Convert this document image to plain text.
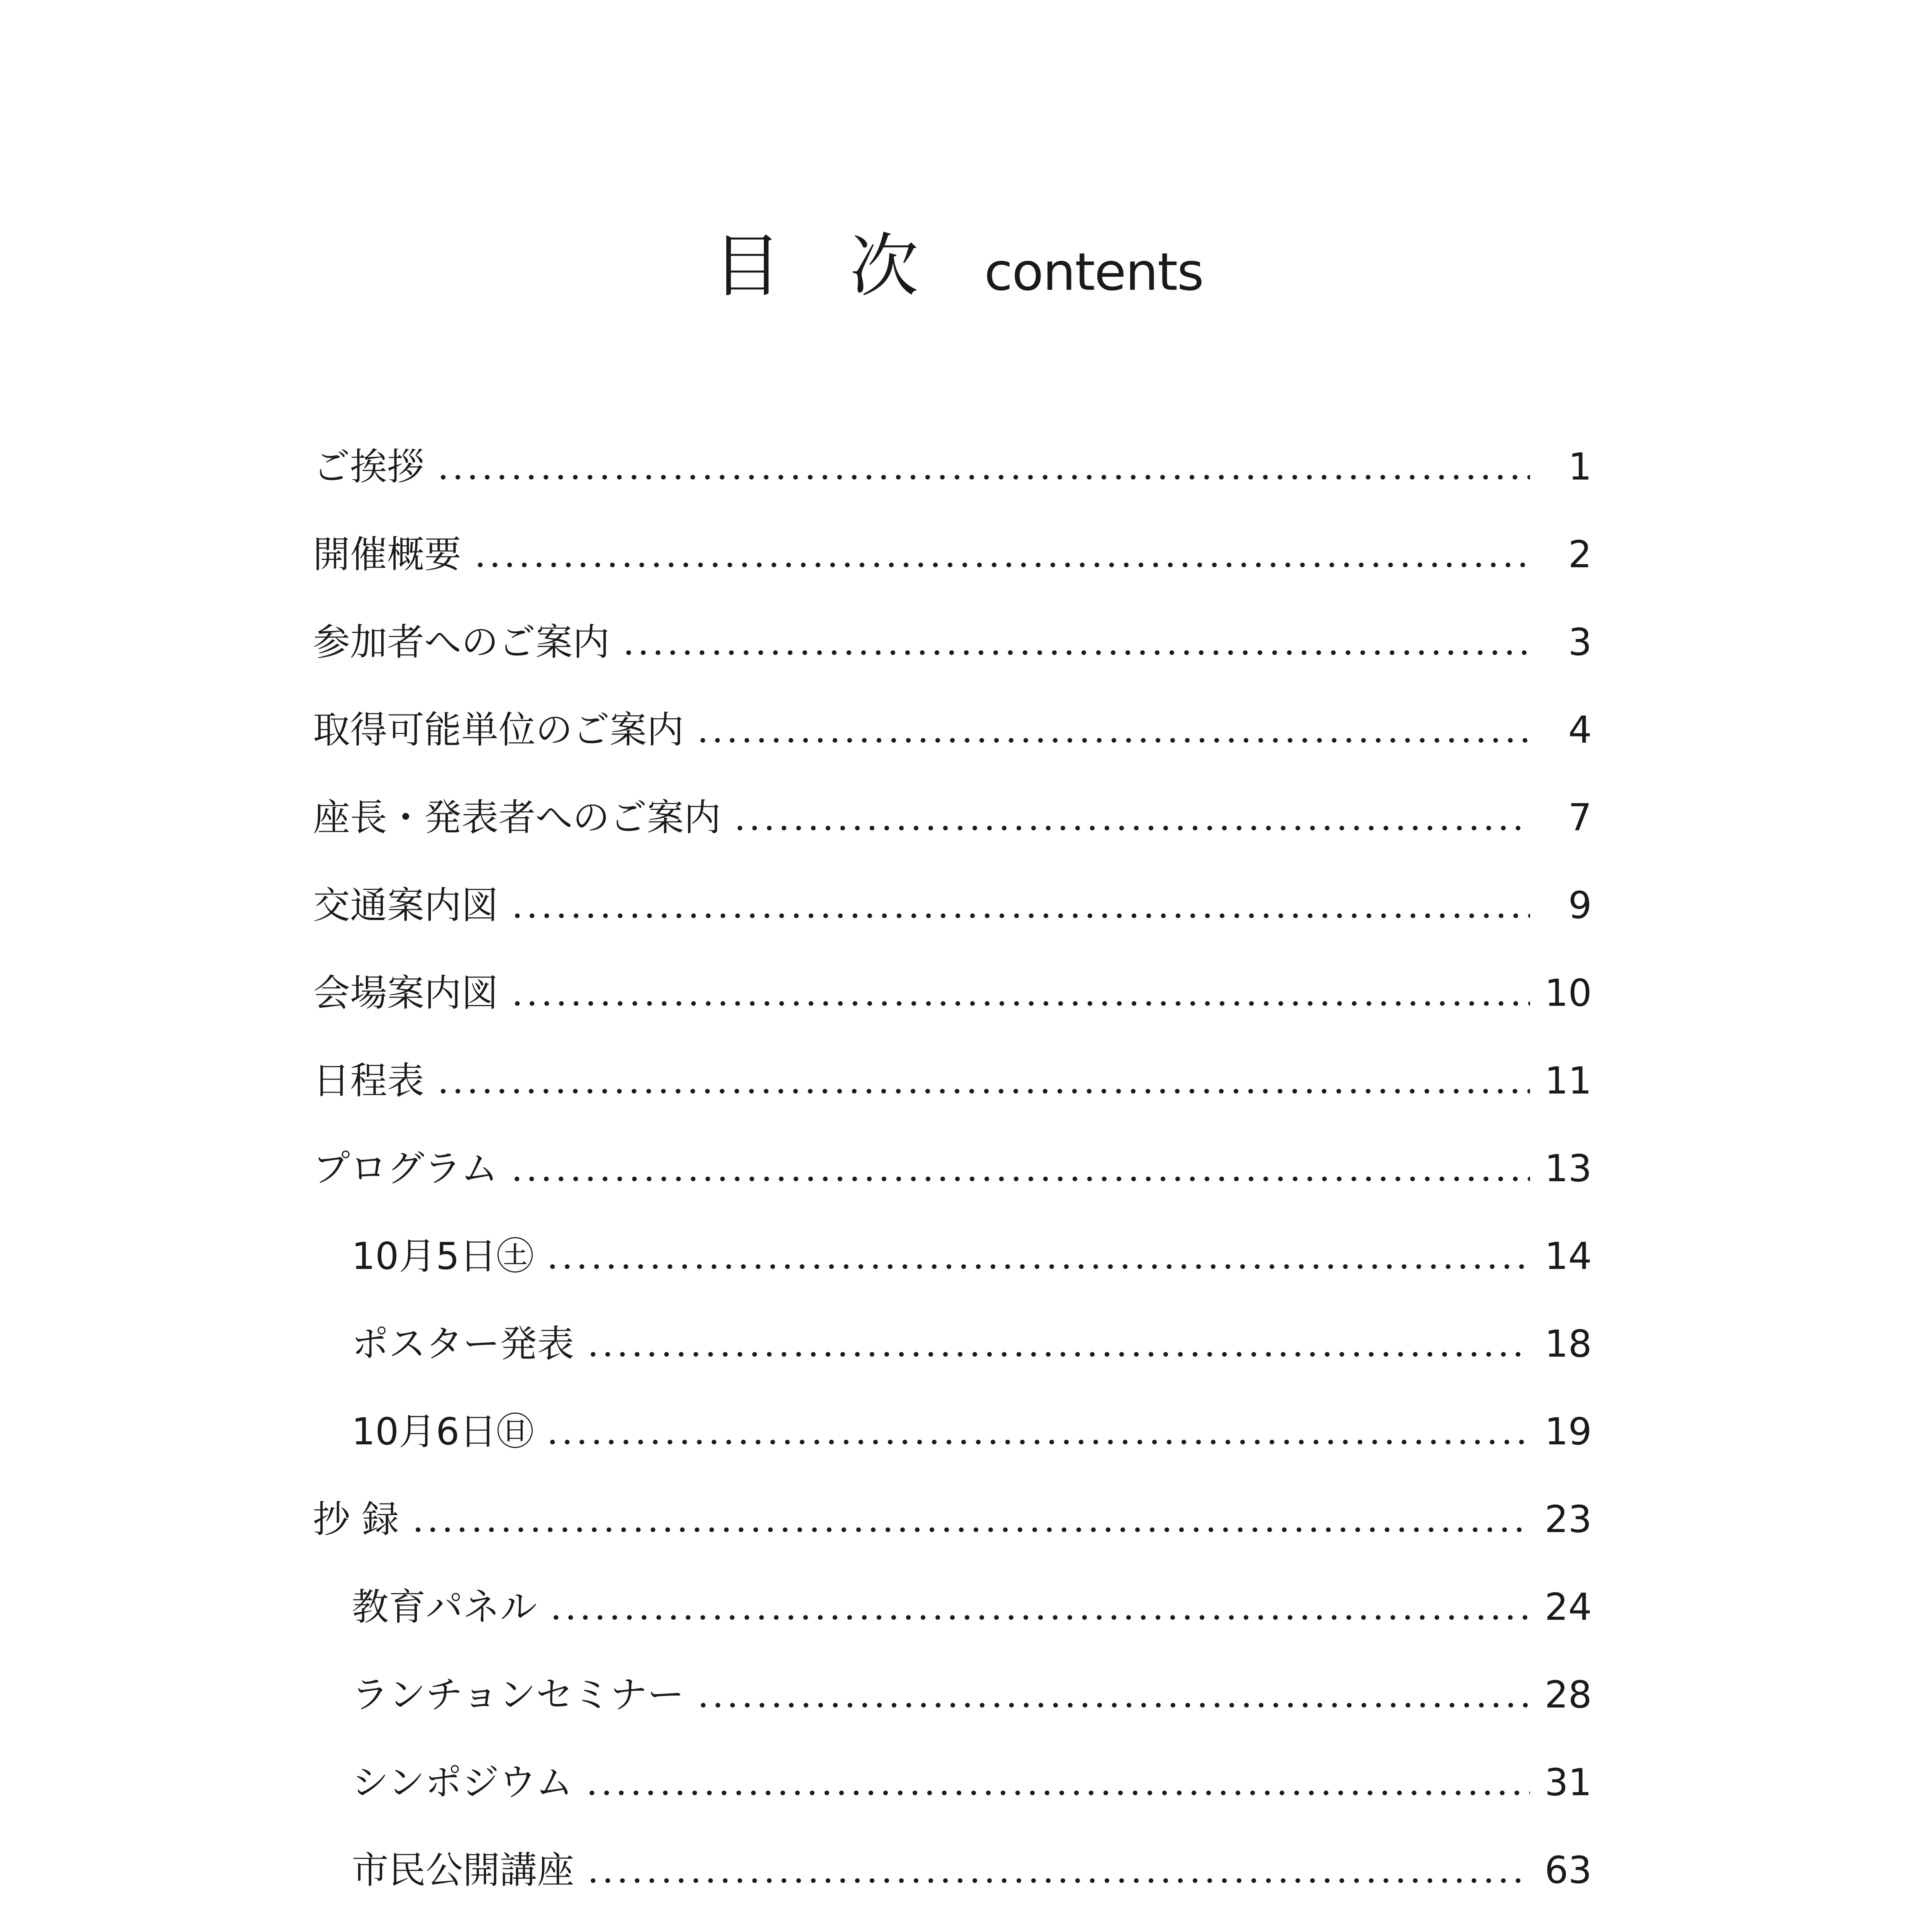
目 次 contents
ご挨拶	1
開催概要	2
参加者へのご案内	3
取得可能単位のご案内	4
座長・発表者へのご案内	7
交通案内図	9
会場案内図	10
日程表	11
プログラム	13
10月5日㊏	14
ポスター発表	18
10月6日㊐	19
抄 録	23
教育パネル	24
ランチョンセミナー	28
シンポジウム	31
市民公開講座	63
